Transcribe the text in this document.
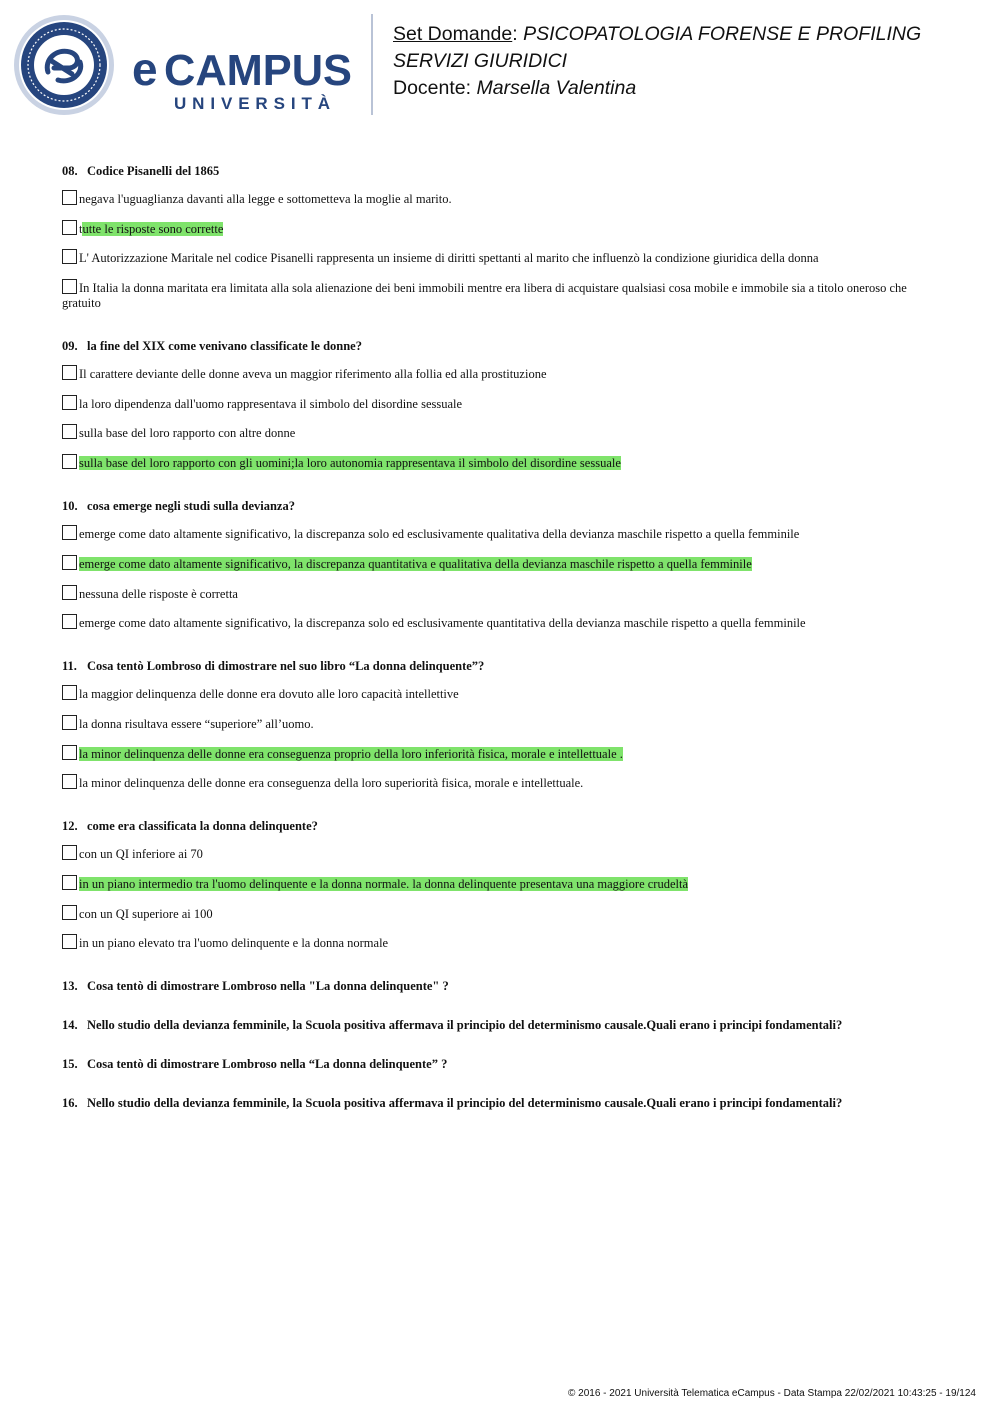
e CAMPUS
UNIVERSITÀ
Set Domande: PSICOPATOLOGIA FORENSE E PROFILING
SERVIZI GIURIDICI
Docente: Marsella Valentina
08. Codice Pisanelli del 1865
negava l'uguaglianza davanti alla legge e sottometteva la moglie al marito.
tutte le risposte sono corrette
L' Autorizzazione Maritale nel codice Pisanelli rappresenta un insieme di diritti spettanti al marito che influenzò la condizione giuridica della donna
In Italia la donna maritata era limitata alla sola alienazione dei beni immobili mentre era libera di acquistare qualsiasi cosa mobile e immobile sia a titolo oneroso che gratuito
09. la fine del XIX come venivano classificate le donne?
Il carattere deviante delle donne aveva un maggior riferimento alla follia ed alla prostituzione
la loro dipendenza dall'uomo rappresentava il simbolo del disordine sessuale
sulla base del loro rapporto con altre donne
sulla base del loro rapporto con gli uomini;la loro autonomia rappresentava il simbolo del disordine sessuale
10. cosa emerge negli studi sulla devianza?
emerge come dato altamente significativo, la discrepanza solo ed esclusivamente qualitativa della devianza maschile rispetto a quella femminile
emerge come dato altamente significativo, la discrepanza quantitativa e qualitativa della devianza maschile rispetto a quella femminile
nessuna delle risposte è corretta
emerge come dato altamente significativo, la discrepanza solo ed esclusivamente quantitativa della devianza maschile rispetto a quella femminile
11. Cosa tentò Lombroso di dimostrare nel suo libro “La donna delinquente”?
la maggior delinquenza delle donne era dovuto alle loro capacità intellettive
la donna risultava essere “superiore” all’uomo.
la minor delinquenza delle donne era conseguenza proprio della loro inferiorità fisica, morale e intellettuale .
la minor delinquenza delle donne era conseguenza della loro superiorità fisica, morale e intellettuale.
12. come era classificata la donna delinquente?
con un QI inferiore ai 70
in un piano intermedio tra l'uomo delinquente e la donna normale. la donna delinquente presentava una maggiore crudeltà
con un QI superiore ai 100
in un piano elevato tra l'uomo delinquente e la donna normale
13. Cosa tentò di dimostrare Lombroso nella "La donna delinquente" ?
14. Nello studio della devianza femminile, la Scuola positiva affermava il principio del determinismo causale.Quali erano i principi fondamentali?
15. Cosa tentò di dimostrare Lombroso nella “La donna delinquente” ?
16. Nello studio della devianza femminile, la Scuola positiva affermava il principio del determinismo causale.Quali erano i principi fondamentali?
© 2016 - 2021 Università Telematica eCampus - Data Stampa 22/02/2021 10:43:25 - 19/124
